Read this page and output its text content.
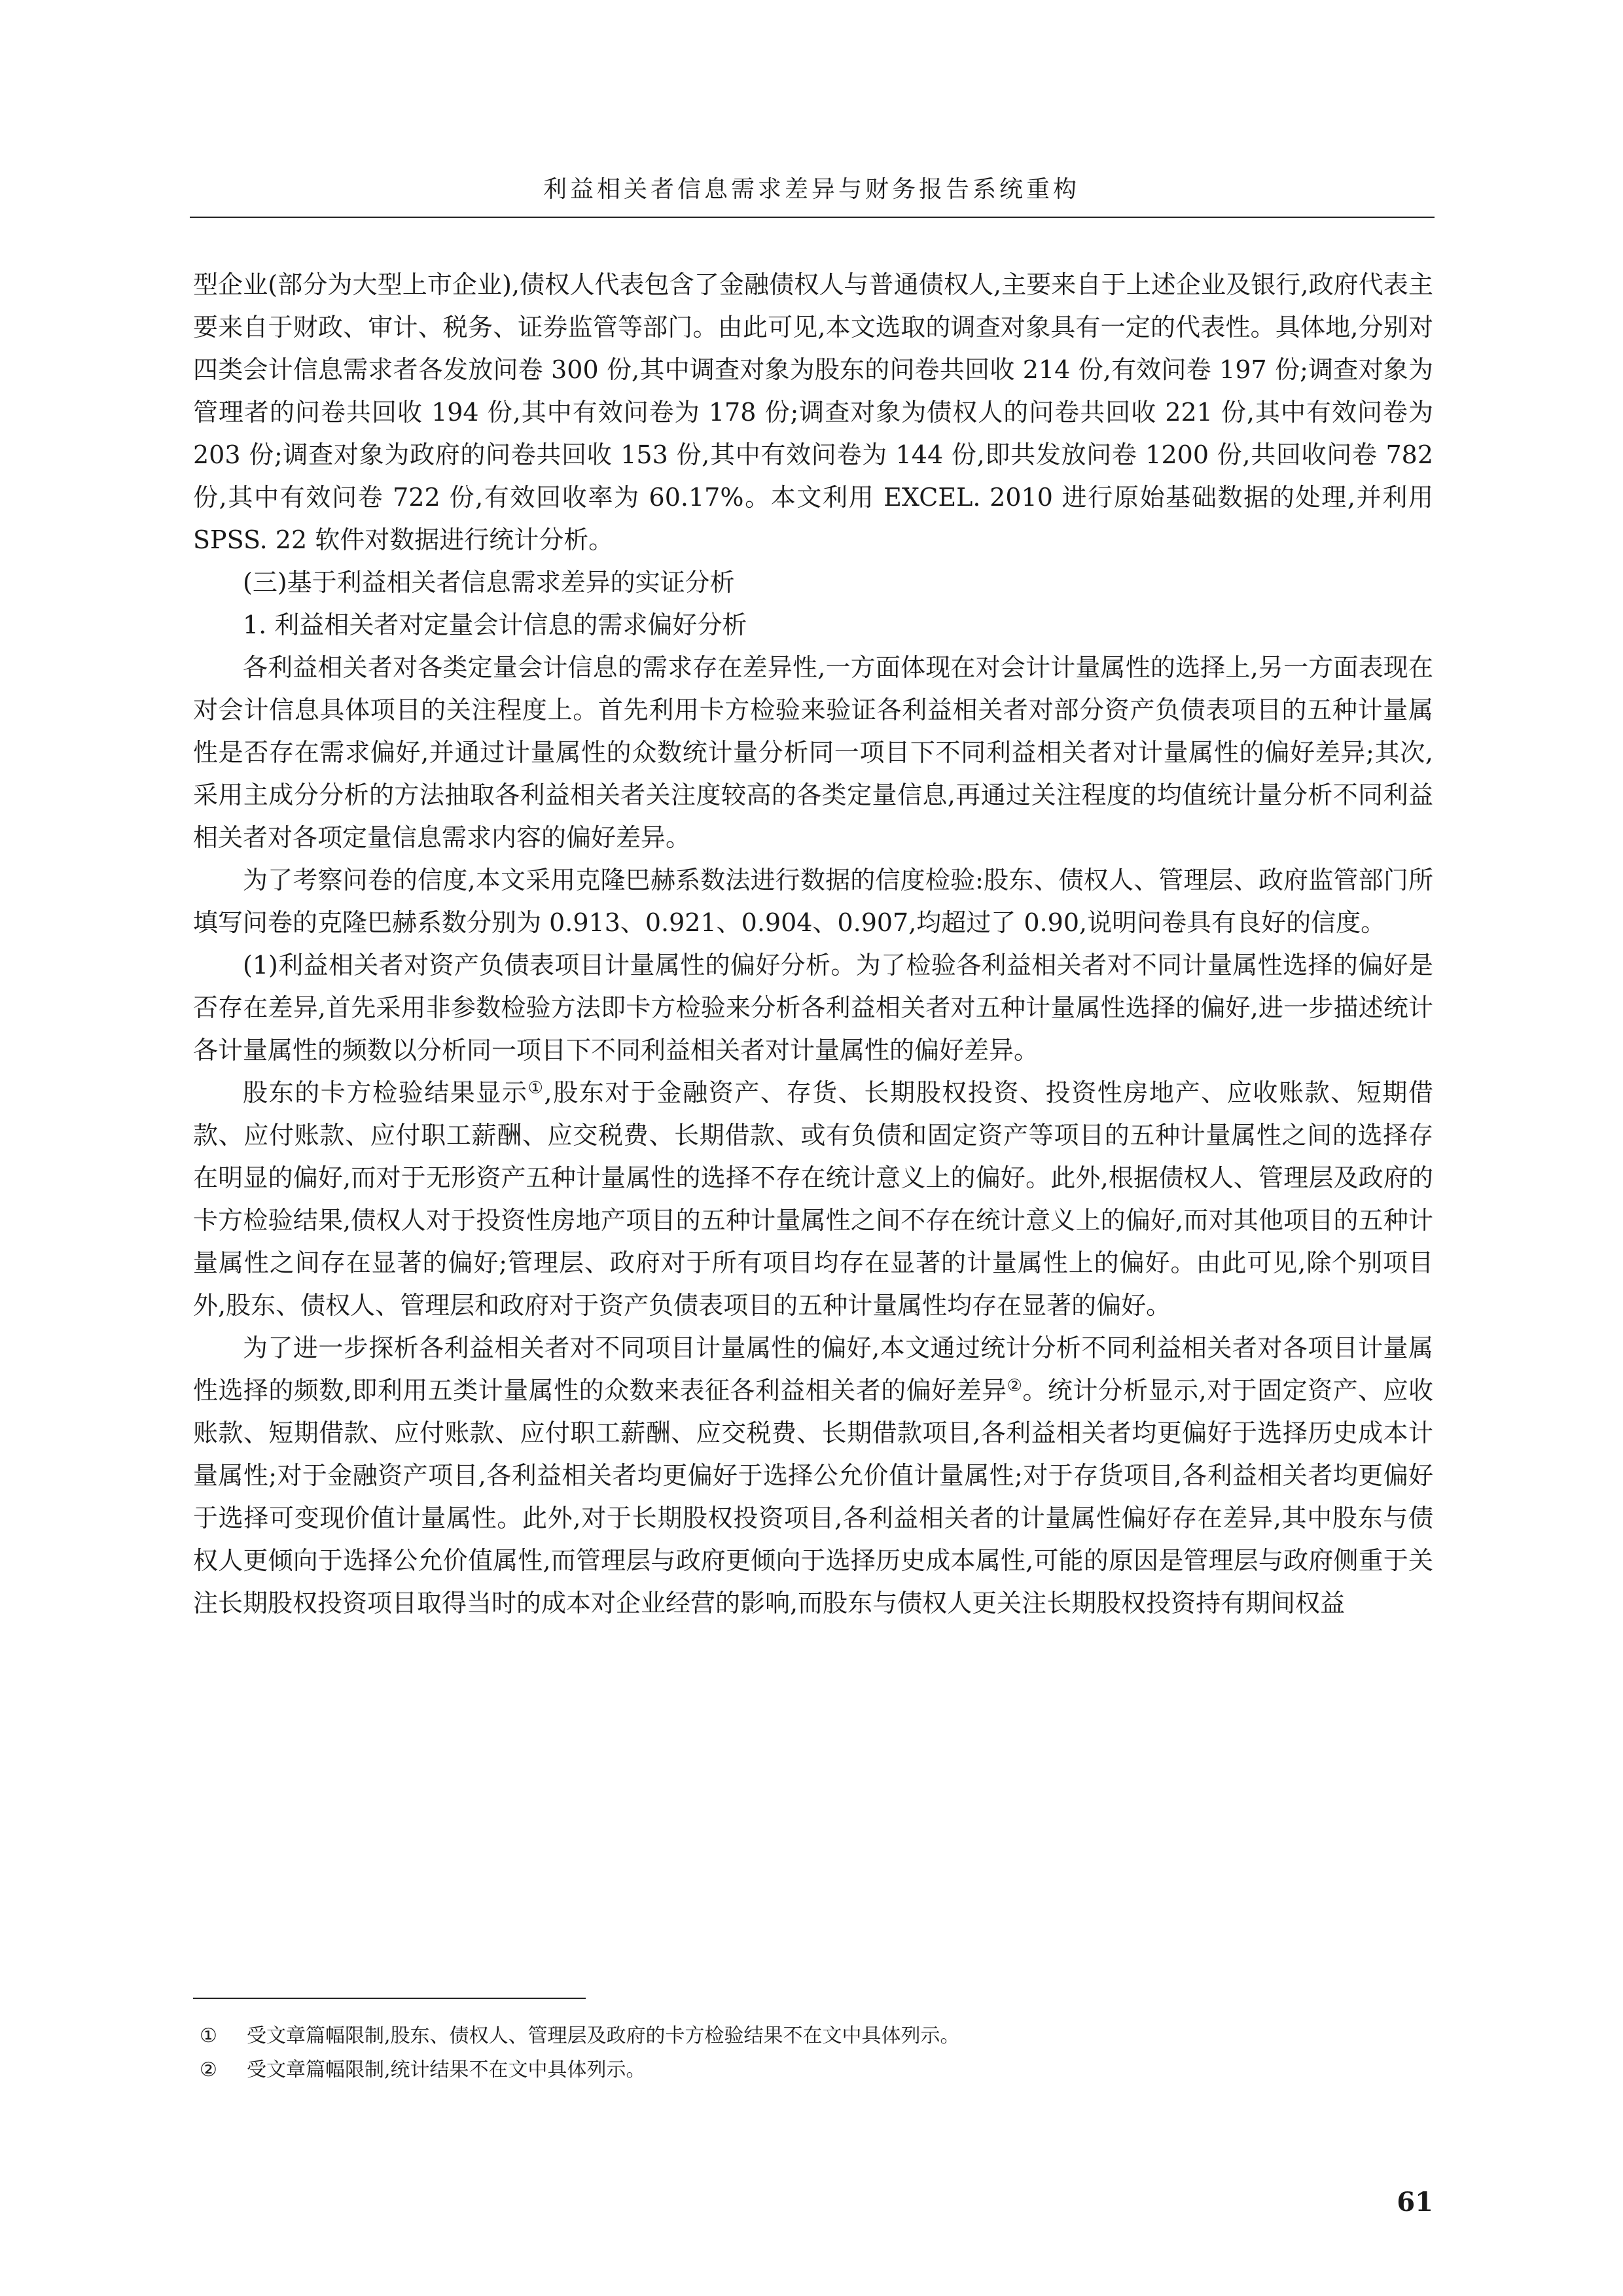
利益相关者信息需求差异与财务报告系统重构

型企业(部分为大型上市企业),债权人代表包含了金融债权人与普通债权人,主要来自于上述企业及银行,政府代表主要来自于财政、审计、税务、证券监管等部门。由此可见,本文选取的调查对象具有一定的代表性。具体地,分别对四类会计信息需求者各发放问卷 300 份,其中调查对象为股东的问卷共回收 214 份,有效问卷 197 份;调查对象为管理者的问卷共回收 194 份,其中有效问卷为 178 份;调查对象为债权人的问卷共回收 221 份,其中有效问卷为 203 份;调查对象为政府的问卷共回收 153 份,其中有效问卷为 144 份,即共发放问卷 1200 份,共回收问卷 782 份,其中有效问卷 722 份,有效回收率为 60.17%。本文利用 EXCEL. 2010 进行原始基础数据的处理,并利用 SPSS. 22 软件对数据进行统计分析。

(三)基于利益相关者信息需求差异的实证分析

1. 利益相关者对定量会计信息的需求偏好分析

各利益相关者对各类定量会计信息的需求存在差异性,一方面体现在对会计计量属性的选择上,另一方面表现在对会计信息具体项目的关注程度上。首先利用卡方检验来验证各利益相关者对部分资产负债表项目的五种计量属性是否存在需求偏好,并通过计量属性的众数统计量分析同一项目下不同利益相关者对计量属性的偏好差异;其次,采用主成分分析的方法抽取各利益相关者关注度较高的各类定量信息,再通过关注程度的均值统计量分析不同利益相关者对各项定量信息需求内容的偏好差异。

为了考察问卷的信度,本文采用克隆巴赫系数法进行数据的信度检验:股东、债权人、管理层、政府监管部门所填写问卷的克隆巴赫系数分别为 0.913、0.921、0.904、0.907,均超过了 0.90,说明问卷具有良好的信度。

(1)利益相关者对资产负债表项目计量属性的偏好分析。为了检验各利益相关者对不同计量属性选择的偏好是否存在差异,首先采用非参数检验方法即卡方检验来分析各利益相关者对五种计量属性选择的偏好,进一步描述统计各计量属性的频数以分析同一项目下不同利益相关者对计量属性的偏好差异。

股东的卡方检验结果显示①,股东对于金融资产、存货、长期股权投资、投资性房地产、应收账款、短期借款、应付账款、应付职工薪酬、应交税费、长期借款、或有负债和固定资产等项目的五种计量属性之间的选择存在明显的偏好,而对于无形资产五种计量属性的选择不存在统计意义上的偏好。此外,根据债权人、管理层及政府的卡方检验结果,债权人对于投资性房地产项目的五种计量属性之间不存在统计意义上的偏好,而对其他项目的五种计量属性之间存在显著的偏好;管理层、政府对于所有项目均存在显著的计量属性上的偏好。由此可见,除个别项目外,股东、债权人、管理层和政府对于资产负债表项目的五种计量属性均存在显著的偏好。

为了进一步探析各利益相关者对不同项目计量属性的偏好,本文通过统计分析不同利益相关者对各项目计量属性选择的频数,即利用五类计量属性的众数来表征各利益相关者的偏好差异②。统计分析显示,对于固定资产、应收账款、短期借款、应付账款、应付职工薪酬、应交税费、长期借款项目,各利益相关者均更偏好于选择历史成本计量属性;对于金融资产项目,各利益相关者均更偏好于选择公允价值计量属性;对于存货项目,各利益相关者均更偏好于选择可变现价值计量属性。此外,对于长期股权投资项目,各利益相关者的计量属性偏好存在差异,其中股东与债权人更倾向于选择公允价值属性,而管理层与政府更倾向于选择历史成本属性,可能的原因是管理层与政府侧重于关注长期股权投资项目取得当时的成本对企业经营的影响,而股东与债权人更关注长期股权投资持有期间权益

①	受文章篇幅限制,股东、债权人、管理层及政府的卡方检验结果不在文中具体列示。
②	受文章篇幅限制,统计结果不在文中具体列示。
61
